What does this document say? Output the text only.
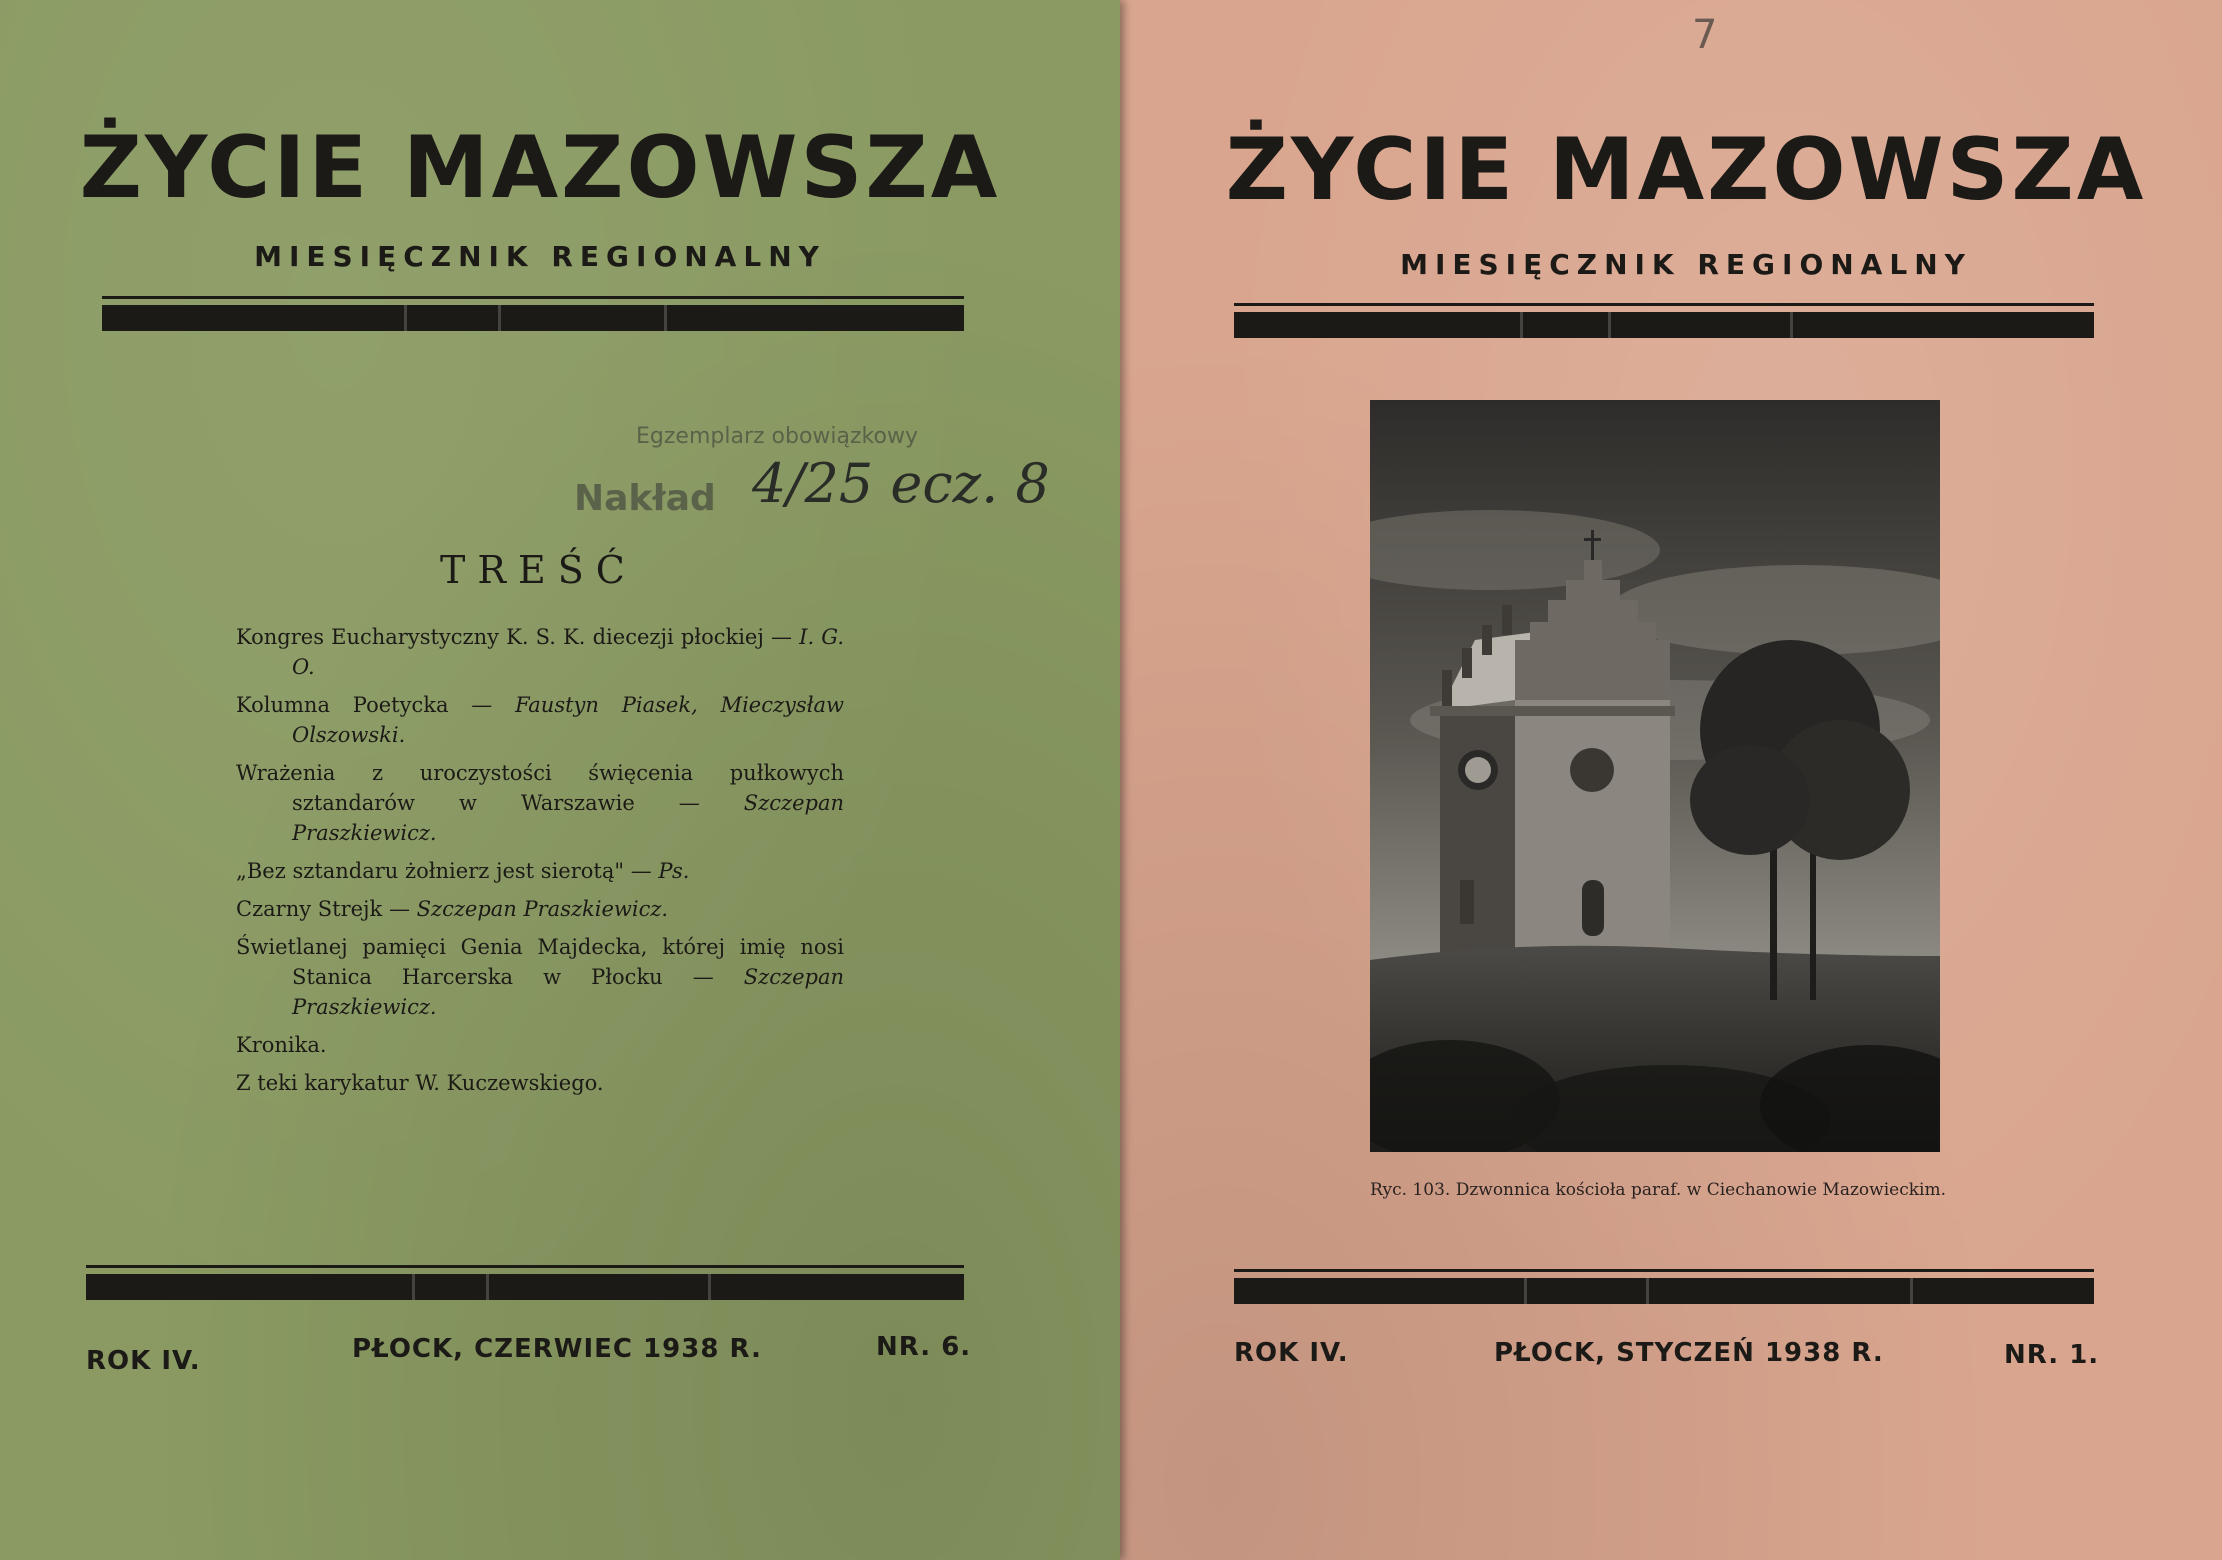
7
ŻYCIE MAZOWSZA
MIESIĘCZNIK REGIONALNY
ROK IV.	PŁOCK, STYCZEŃ 1938 R.	NR. 1.
Ryc. 103. Dzwonnica kościoła paraf. w Ciechanowie Mazowieckim.
ŻYCIE MAZOWSZA
MIESIĘCZNIK REGIONALNY
Egzemplarz obowiązkowy
Nakład 4/25 ecz. 8
TREŚĆ

Kongres Eucharystyczny K. S. K. diecezji płockiej — I. G. O.

Kolumna Poetycka — Faustyn Piasek, Mieczysław Olszowski.

Wrażenia z uroczystości święcenia pułkowych sztandarów w Warszawie — Szczepan Praszkiewicz.

„Bez sztandaru żołnierz jest sierotą" — Ps.

Czarny Strejk — Szczepan Praszkiewicz.

Świetlanej pamięci Genia Majdecka, której imię nosi Stanica Harcerska w Płocku — Szczepan Praszkiewicz.

Kronika.

Z teki karykatur W. Kuczewskiego.

ROK IV.	PŁOCK, CZERWIEC 1938 R.	NR. 6.
